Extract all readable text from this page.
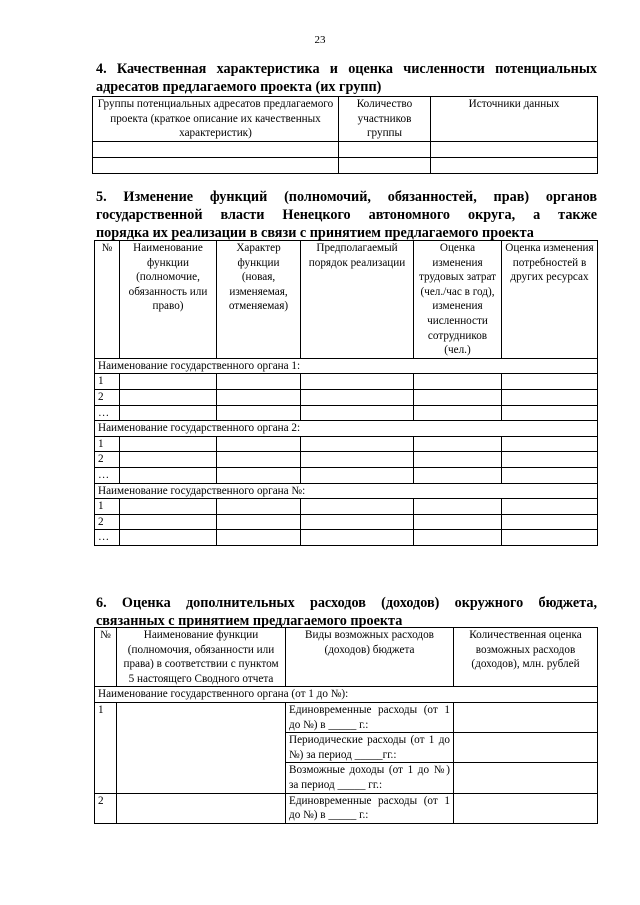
23
4. Качественная характеристика и оценка численности потенциальных
адресатов предлагаемого проекта (их групп)
Группы потенциальных адресатов предлагаемого проекта (краткое описание их качественных характеристик)	Количество участников группы	Источники данных

5. Изменение функций (полномочий, обязанностей, прав) органов
государственной власти Ненецкого автономного округа, а также
порядка их реализации в связи с принятием предлагаемого проекта
№	Наименование функции (полномочие, обязанность или право)	Характер функции (новая, изменяемая, отменяемая)	Предполагаемый порядок реализации	Оценка изменения трудовых затрат (чел./час в год), изменения численности сотрудников (чел.)	Оценка изменения потребностей в других ресурсах
Наименование государственного органа 1:					
1					
2					
…					
Наименование государственного органа 2:					
1					
2					
…					
Наименование государственного органа №:					
1					
2					
…					
6. Оценка дополнительных расходов (доходов) окружного бюджета,
связанных с принятием предлагаемого проекта
№	Наименование функции (полномочия, обязанности или права) в соответствии с пунктом 5 настоящего Сводного отчета	Виды возможных расходов (доходов) бюджета	Количественная оценка возможных расходов (доходов), млн. рублей
Наименование государственного органа (от 1 до №):			
1		Единовременные расходы (от 1 до №) в _____ г.:	
		Периодические расходы (от 1 до №) за период _____гг.:	
		Возможные доходы (от 1 до №) за период _____ гг.:	
2		Единовременные расходы (от 1 до №) в _____ г.:	
